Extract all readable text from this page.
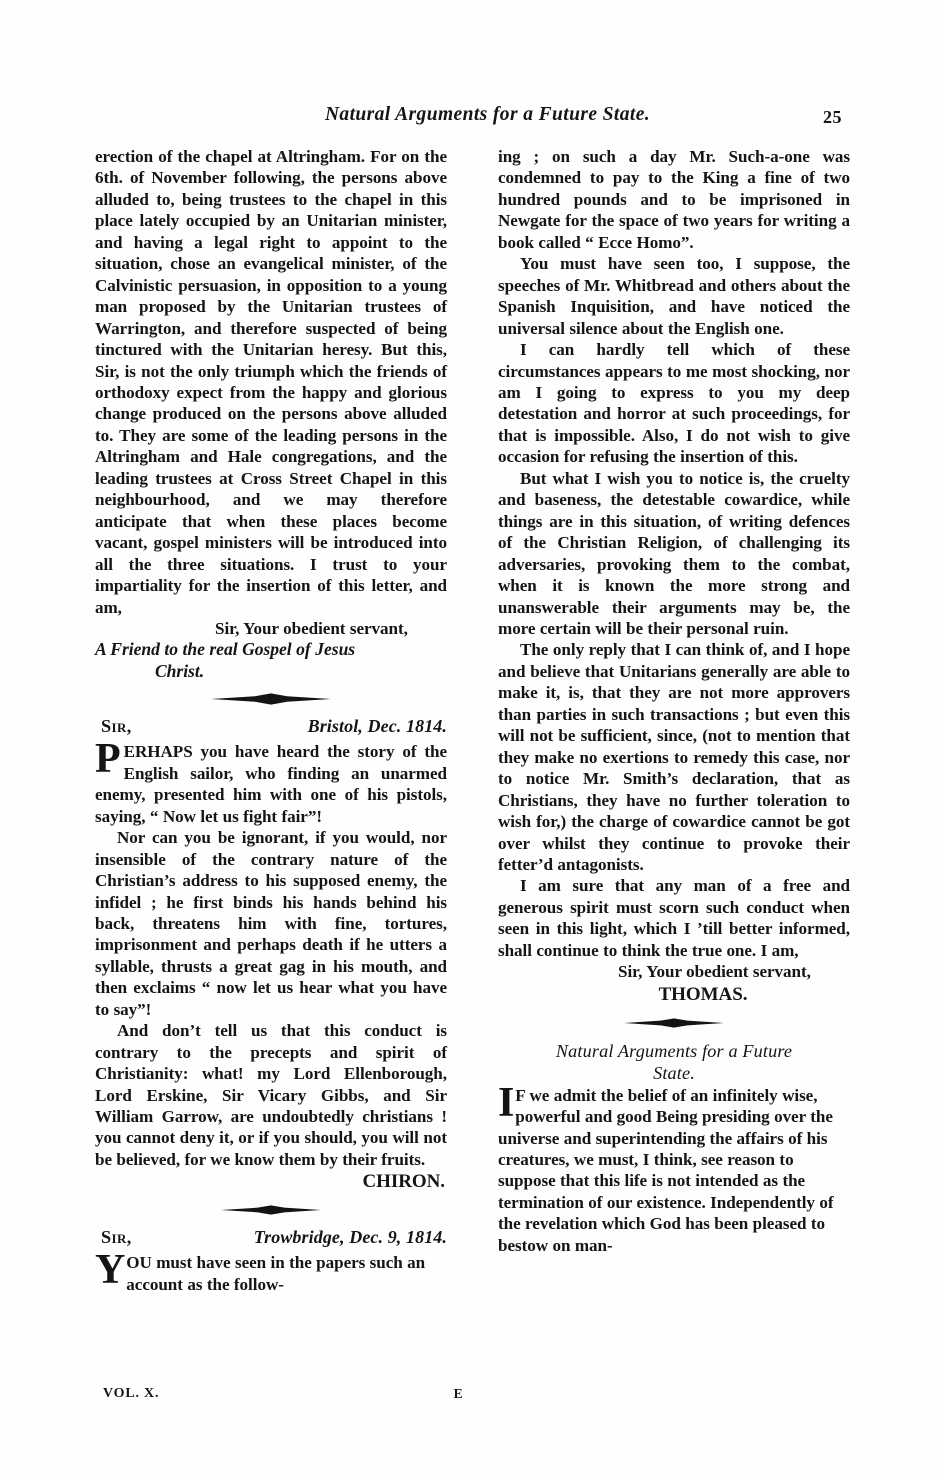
Natural Arguments for a Future State.	25

erection of the chapel at Altringham. For on the 6th. of November following, the persons above alluded to, being trustees to the chapel in this place lately occupied by an Unitarian minister, and having a legal right to appoint to the situation, chose an evangelical minister, of the Calvinistic persuasion, in opposition to a young man proposed by the Unitarian trustees of Warrington, and therefore suspected of being tinctured with the Unitarian heresy. But this, Sir, is not the only triumph which the friends of orthodoxy expect from the happy and glorious change produced on the persons above alluded to. They are some of the leading persons in the Altringham and Hale congregations, and the leading trustees at Cross Street Chapel in this neighbourhood, and we may therefore anticipate that when these places become vacant, gospel ministers will be introduced into all the three situations. I trust to your impartiality for the insertion of this letter, and am,

Sir, Your obedient servant,

A Friend to the real Gospel of Jesus
Christ.

Sir,	Bristol, Dec. 1814.

PERHAPS you have heard the story of the English sailor, who finding an unarmed enemy, presented him with one of his pistols, saying, “ Now let us fight fair”!

Nor can you be ignorant, if you would, nor insensible of the contrary nature of the Christian’s address to his supposed enemy, the infidel ; he first binds his hands behind his back, threatens him with fine, tortures, imprisonment and perhaps death if he utters a syllable, thrusts a great gag in his mouth, and then exclaims “ now let us hear what you have to say”!

And don’t tell us that this conduct is contrary to the precepts and spirit of Christianity: what! my Lord Ellenborough, Lord Erskine, Sir Vicary Gibbs, and Sir William Garrow, are undoubtedly christians ! you cannot deny it, or if you should, you will not be believed, for we know them by their fruits.

CHIRON.

Sir,	Trowbridge, Dec. 9, 1814.

YOU must have seen in the papers such an account as the follow-

ing ; on such a day Mr. Such-a-one was condemned to pay to the King a fine of two hundred pounds and to be imprisoned in Newgate for the space of two years for writing a book called “ Ecce Homo”.

You must have seen too, I suppose, the speeches of Mr. Whitbread and others about the Spanish Inquisition, and have noticed the universal silence about the English one.

I can hardly tell which of these circumstances appears to me most shocking, nor am I going to express to you my deep detestation and horror at such proceedings, for that is impossible. Also, I do not wish to give occasion for refusing the insertion of this.

But what I wish you to notice is, the cruelty and baseness, the detestable cowardice, while things are in this situation, of writing defences of the Christian Religion, of challenging its adversaries, provoking them to the combat, when it is known the more strong and unanswerable their arguments may be, the more certain will be their personal ruin.

The only reply that I can think of, and I hope and believe that Unitarians generally are able to make it, is, that they are not more approvers than parties in such transactions ; but even this will not be sufficient, since, (not to mention that they make no exertions to remedy this case, nor to notice Mr. Smith’s declaration, that as Christians, they have no further toleration to wish for,) the charge of cowardice cannot be got over whilst they continue to provoke their fetter’d antagonists.

I am sure that any man of a free and generous spirit must scorn such conduct when seen in this light, which I ’till better informed, shall continue to think the true one. I am,

Sir, Your obedient servant,

THOMAS.

Natural Arguments for a Future
State.

I F we admit the belief of an infinitely wise, powerful and good Being presiding over the universe and superintending the affairs of his creatures, we must, I think, see reason to suppose that this life is not intended as the termination of our existence. Independently of the revelation which God has been pleased to bestow on man-

VOL. X.	E
